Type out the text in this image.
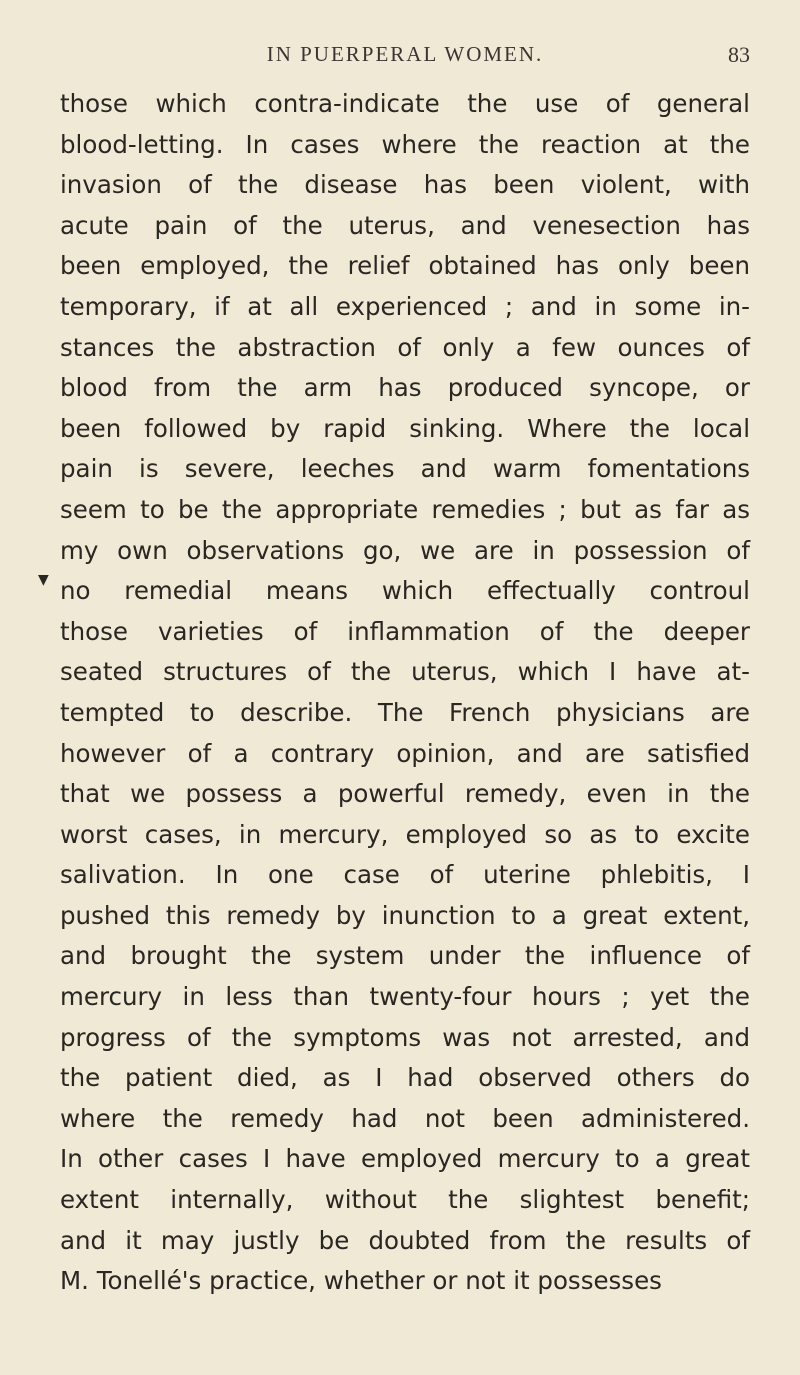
IN PUERPERAL WOMEN.	83
▼
those which contra-indicate the use of general
blood-letting. In cases where the reaction at the
invasion of the disease has been violent, with
acute pain of the uterus, and venesection has
been employed, the relief obtained has only been
temporary, if at all experienced ; and in some in-
stances the abstraction of only a few ounces of
blood from the arm has produced syncope, or
been followed by rapid sinking. Where the local
pain is severe, leeches and warm fomentations
seem to be the appropriate remedies ; but as far as
my own observations go, we are in possession of
no remedial means which effectually controul
those varieties of inflammation of the deeper
seated structures of the uterus, which I have at-
tempted to describe. The French physicians are
however of a contrary opinion, and are satisfied
that we possess a powerful remedy, even in the
worst cases, in mercury, employed so as to excite
salivation. In one case of uterine phlebitis, I
pushed this remedy by inunction to a great extent,
and brought the system under the influence of
mercury in less than twenty-four hours ; yet the
progress of the symptoms was not arrested, and
the patient died, as I had observed others do
where the remedy had not been administered.
In other cases I have employed mercury to a great
extent internally, without the slightest benefit;
and it may justly be doubted from the results of
M. Tonellé's practice, whether or not it possesses
